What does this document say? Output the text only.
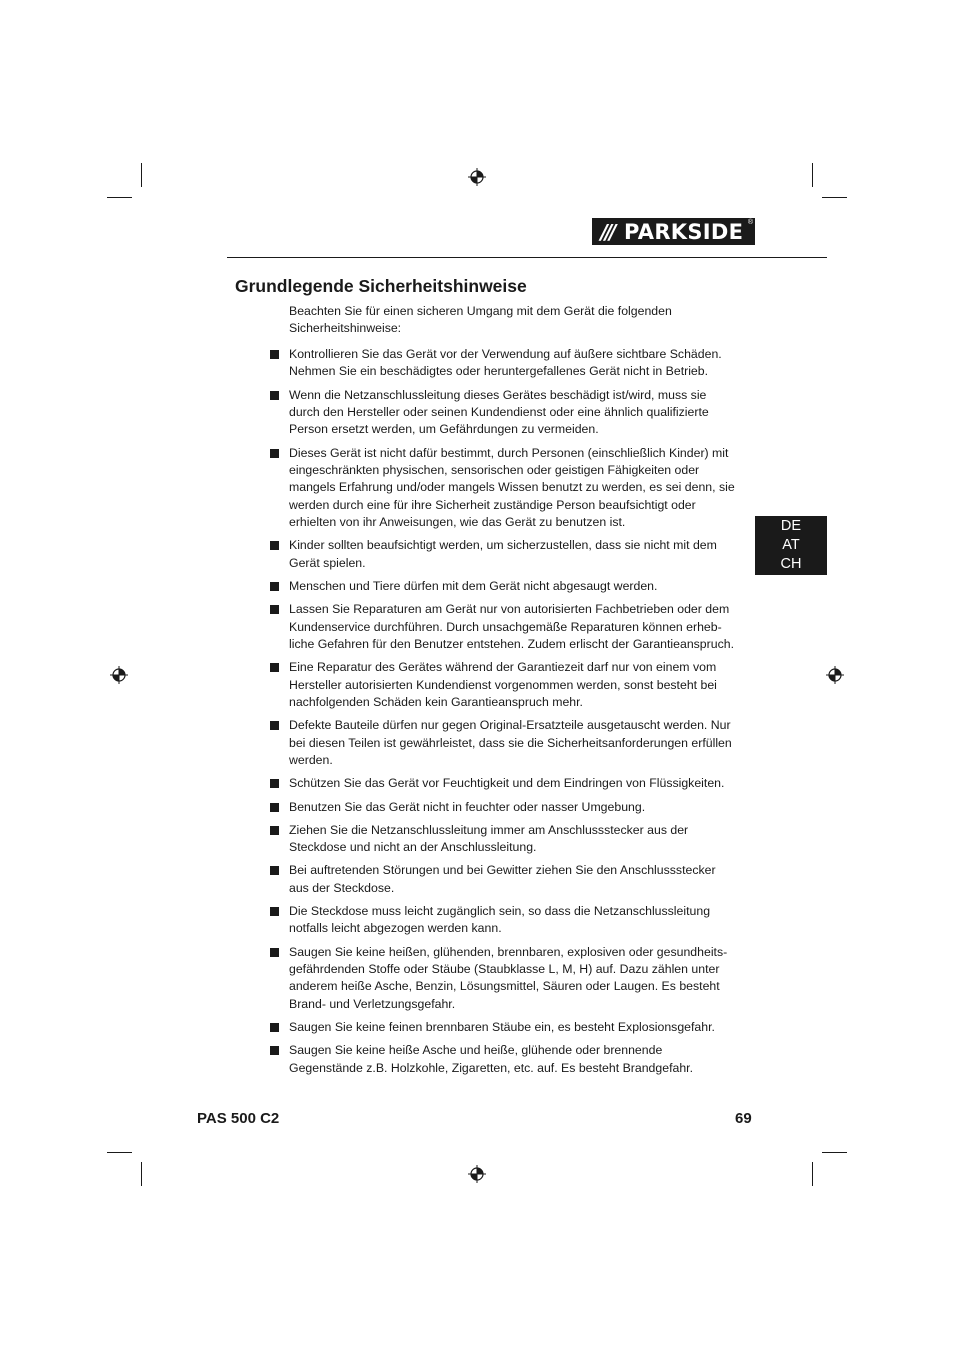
/// PARKSIDE ®
Grundlegende Sicherheitshinweise

Beachten Sie für einen sicheren Umgang mit dem Gerät die folgenden Sicherheitshinweise:

Kontrollieren Sie das Gerät vor der Verwendung auf äußere sichtbare Schäden. Nehmen Sie ein beschädigtes oder heruntergefallenes Gerät nicht in Betrieb.
Wenn die Netzanschlussleitung dieses Gerätes beschädigt ist/wird, muss sie durch den Hersteller oder seinen Kundendienst oder eine ähnlich qualifizierte Person ersetzt werden, um Gefährdungen zu vermeiden.
Dieses Gerät ist nicht dafür bestimmt, durch Personen (einschließlich Kinder) mit eingeschränkten physischen, sensorischen oder geistigen Fähigkeiten oder mangels Erfahrung und/oder mangels Wissen benutzt zu werden, es sei denn, sie werden durch eine für ihre Sicherheit zuständige Person beaufsichtigt oder erhielten von ihr Anweisungen, wie das Gerät zu benutzen ist.
Kinder sollten beaufsichtigt werden, um sicherzustellen, dass sie nicht mit dem Gerät spielen.
Menschen und Tiere dürfen mit dem Gerät nicht abgesaugt werden.
Lassen Sie Reparaturen am Gerät nur von autorisierten Fachbetrieben oder dem Kundenservice durchführen. Durch unsachgemäße Reparaturen können erhebliche Gefahren für den Benutzer entstehen. Zudem erlischt der Garantieanspruch.
Eine Reparatur des Gerätes während der Garantiezeit darf nur von einem vom Hersteller autorisierten Kundendienst vorgenommen werden, sonst besteht bei nachfolgenden Schäden kein Garantieanspruch mehr.
Defekte Bauteile dürfen nur gegen Original-Ersatzteile ausgetauscht werden. Nur bei diesen Teilen ist gewährleistet, dass sie die Sicherheitsanforderungen erfüllen werden.
Schützen Sie das Gerät vor Feuchtigkeit und dem Eindringen von Flüssigkeiten.
Benutzen Sie das Gerät nicht in feuchter oder nasser Umgebung.
Ziehen Sie die Netzanschlussleitung immer am Anschlussstecker aus der Steckdose und nicht an der Anschlussleitung.
Bei auftretenden Störungen und bei Gewitter ziehen Sie den Anschlussstecker aus der Steckdose.
Die Steckdose muss leicht zugänglich sein, so dass die Netzanschlussleitung notfalls leicht abgezogen werden kann.
Saugen Sie keine heißen, glühenden, brennbaren, explosiven oder gesundheitsgefährdenden Stoffe oder Stäube (Staubklasse L, M, H) auf. Dazu zählen unter anderem heiße Asche, Benzin, Lösungsmittel, Säuren oder Laugen. Es besteht Brand- und Verletzungsgefahr.
Saugen Sie keine feinen brennbaren Stäube ein, es besteht Explosionsgefahr.
Saugen Sie keine heiße Asche und heiße, glühende oder brennende Gegenstände z.B. Holzkohle, Zigaretten, etc. auf. Es besteht Brandgefahr.
DE
AT
CH
PAS 500 C2	69
